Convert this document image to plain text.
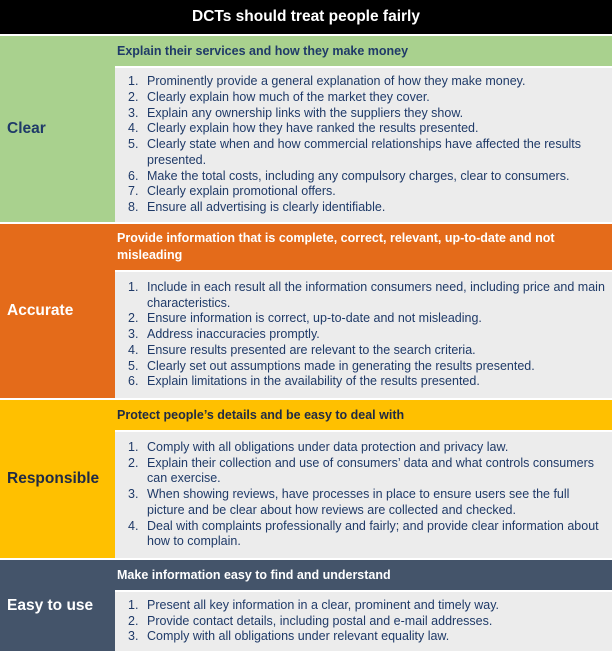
DCTs should treat people fairly
Clear
Explain their services and how they make money
1. Prominently provide a general explanation of how they make money.
2. Clearly explain how much of the market they cover.
3. Explain any ownership links with the suppliers they show.
4. Clearly explain how they have ranked the results presented.
5. Clearly state when and how commercial relationships have affected the results presented.
6. Make the total costs, including any compulsory charges, clear to consumers.
7. Clearly explain promotional offers.
8. Ensure all advertising is clearly identifiable.
Accurate
Provide information that is complete, correct, relevant, up-to-date and not misleading
1. Include in each result all the information consumers need, including price and main characteristics.
2. Ensure information is correct, up-to-date and not misleading.
3. Address inaccuracies promptly.
4. Ensure results presented are relevant to the search criteria.
5. Clearly set out assumptions made in generating the results presented.
6. Explain limitations in the availability of the results presented.
Responsible
Protect people’s details and be easy to deal with
1. Comply with all obligations under data protection and privacy law.
2. Explain their collection and use of consumers’ data and what controls consumers can exercise.
3. When showing reviews, have processes in place to ensure users see the full picture and be clear about how reviews are collected and checked.
4. Deal with complaints professionally and fairly; and provide clear information about how to complain.
Easy to use
Make information easy to find and understand
1. Present all key information in a clear, prominent and timely way.
2. Provide contact details, including postal and e-mail addresses.
3. Comply with all obligations under relevant equality law.
